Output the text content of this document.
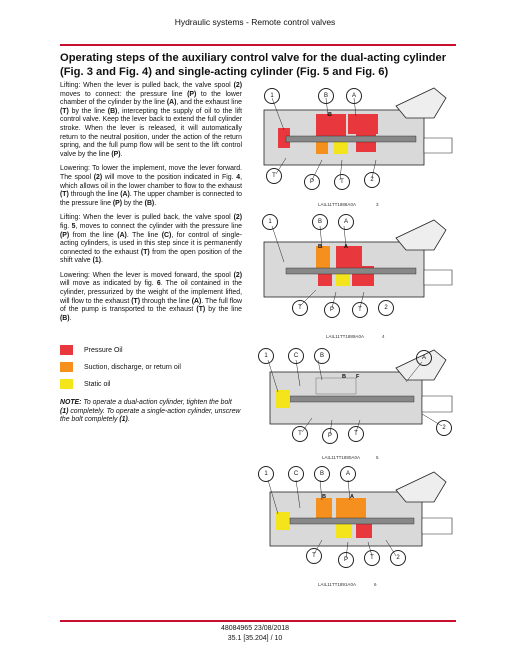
Hydraulic systems - Remote control valves
Operating steps of the auxiliary control valve for the dual-acting cylinder (Fig. 3 and Fig. 4) and single-acting cylinder (Fig. 5 and Fig. 6)

Lifting: When the lever is pulled back, the valve spool (2) moves to connect: the pressure line (P) to the lower chamber of the cylinder by the line (A), and the exhaust line (T) by the line (B), intercepting the supply of oil to the lift control valve. Keep the lever back to extend the full cylinder stroke. When the lever is released, it will automatically return to the neutral position, under the action of the return spring, and the full pump flow will be sent to the lift control valve by the line (P).

Lowering: To lower the implement, move the lever forward. The spool (2) will move to the position indicated in Fig. 4, which allows oil in the lower chamber to flow to the exhaust (T) through the line (A). The upper chamber is connected to the pressure line (P) by the (B).

Lifting: When the lever is pulled back, the valve spool (2) fig. 5, moves to connect the cylinder with the pressure line (P) from the line (A). The line (C), for control of single-acting cylinders, is used in this step since it is permanently connected to the exhaust (T) from the open position of the shift valve (1).

Lowering: When the lever is moved forward, the spool (2) will move as indicated by fig. 6. The oil contained in the cylinder, pressurized by the weight of the implement lifted, will flow to the exhaust (T) through the line (A). The full flow of the pump is transported to the exhaust (T) by the line (B).

Pressure Oil
Suction, discharge, or return oil
Static oil
NOTE: To operate a dual-action cylinder, tighten the bolt (1) completely. To operate a single-action cylinder, unscrew the bolt completely (1).
1	B	A
B
T
P	T	2
LAIL11TT1888A0A	3
1	B	A
B	A
T	P	T	2
LAIL11TT1889A0A	4
1	C	B	A
B F
T	P	T
2
LAIL11TT1890A0A	5
1	C	B	A
B	A
T
P	T	2
LAIL11TT1891A0A	6
48084965 23/08/2018
35.1 [35.204] / 10
